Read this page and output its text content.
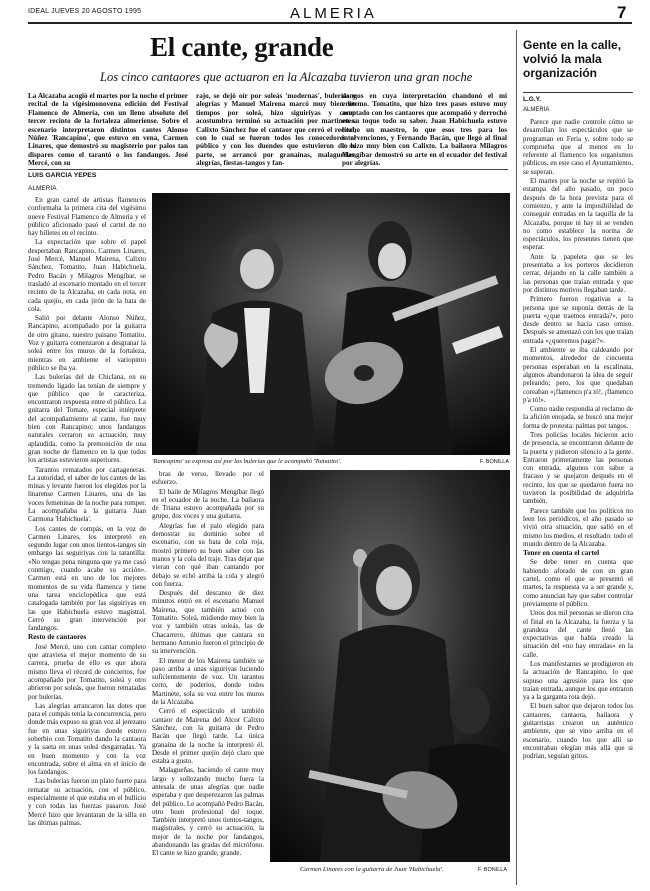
IDEAL JUEVES 20 AGOSTO 1995	ALMERIA	7
El cante, grande
Los cinco cantaores que actuaron en la Alcazaba tuvieron una gran noche
La Alcazaba acogió el martes por la noche el primer recital de la vigésimonovena edición del Festival Flamenco de Almería, con un lleno absoluto del tercer recinto de la fortaleza almeriense. Sobre el escenario interpretaron distintos cantes Alonso Núñez 'Rancapino', que estuvo en vena, Carmen Linares, que demostró su magisterio por palos tan dispares como el tarantó o los fandangos. José Mercé, con su
rajo, se dejó oír por soleás 'modernas', bulerías y alegrías y Manuel Mairena marcó muy bien los tiempos por soleá, hizo siguiriyas y como acostumbra terminó su actuación por martinetes. Calixto Sánchez fue el cantaor que cerró el recital, con lo cual se fueron todos los conocedores al público y con los duendes que estuvieron de su parte, se arrancó por granaínas, malagueñas, alegrías, fiestas-tangos y fan-
dangos en cuya interpretación chandonó el mi erótemo. Tomatito, que hizo tres pases estuvo muy aceptado con los cantaores que acompañó y derrochó en su toque todo su saber. Juan Habichuela estuvo hecho un maestro, lo que esos tres para los intervenciones, y Fernando Bacán, que llegó al final lo hizo muy bien con Calixto. La bailaora Milagros Mengíbar demostró su arte en el ecuador del festival por alegrías.
LUIS GARCIA YEPES
ALMERIA

En gran cartel de artistas flamencos conformaba la primera cita del vigésimo nueve Festival Flamenco de Almería y el público aficionado pasó el cartel de no hay billetes en el recinto.

La expectación que sobre el papel despertaban Rancapino, Carmen Linares, José Mercé, Manuel Mairena, Calixto Sánchez, Tomatito, Juan Habichuela, Pedro Bacán y Milagros Mengíbar, se trasladó al escenario montado en el tercer recinto de la Alcazaba, en cada nota, en cada quejío, en cada jirón de la bata de cola.

Salió por delante Alonso Núñez, Rancapino, acompañado por la guitarra de otro gitano, nuestro paisano Tomatito. Voz y guitarra comenzaron a desgranar la soleá entre los muros de la fortaleza, mientras en ambiente el variopinto público se iba ya.

Las bulerías del de Chiclana, en su tremendo ligado las tenían de siempre y que público que le caracteriza, encontraron respuesta entre el público. La guitarra del Tomate, especial intérprete del acompañamiento al cante, fue muy bien con Rancapino; unos fandangos naturales cerraron su actuación, muy aplaudida, como la premonición de una gran noche de flamenco en la que todos los artistas estuvieron superiores.

Tarantos rematados por cartageneras. La autoridad, el saber de los cantes de las minas y levante fueron los elegidos por la linarense Carmen Linares, una de las voces femeninas de la noche para romper. La acompañaba a la guitarra Juan Carmona 'Habichuela'.

Los cantes de compás, en la voz de Carmen Linares, los interpretó en segundo lugar con unos tientos-tangos sin embargo las seguiriyas con la tarantilla: «No tengas pena ninguna que ya me casó conmigo, cuando acabe su acción». Carmen está en uno de los mejores momentos de su vida flamenca y tiene una tarea enciclopédica que está catalogada también por las siguiriyas en las que Habichuela estuvo magistral. Cerró su gran intervención por fandangos.

Resto de cantaores

José Mercé, uno con cantar completo que atraviesa el mejor momento de su carrera, prueba de ello es que ahora mismo lleva el récord de conciertos, fue acompañado por Tomatito, soleá y otro abrieron por soleás, que fueron rematadas por bulerías.

Las alegrías arrancaron las dotes que para el compás tenía la concurrencia, pero donde más expuso su gran voz al jerezano fue en unas siguiriyas donde estuvo soberbio con Tomatito dando la cantaora y la saeta en unas soleá desgarradas. Ya en buen momento y con la voz encontrada, sobre el alma en el inicio de los fandangos.

Las bulerías fueron un plato fuerte para rematar su actuación, con el público, especialmente el que estaba en el bullicio y con todas las fuerzas pasaron. José Mercé hizo que levantaran de la silla en las últimas palmas.

'Rancapino' se expresa así por las bulerías que le acompañó 'Tomatito'.	F. BONILLA

bras de verso, llevado por el esfuerzo.

El baile de Milagros Mengíbar llegó en el ecuador de la noche. La bailaora de Triana estuvo acompañada por su grupo, dos voces y una guitarra.

Alegrías fue el palo elegido para demostrar su dominio sobre el escenario, con su bata de cola roja, mostró primero su buen saber con las manos y la cola del traje. Tras dejar que vieran con qué iban cantando por debajo se echó arriba la cola y alegró con fuerza.

Después del descanso de diez minutos entró en el escenario Manuel Mairena, que también actuó con Tomatito. Soleá, midiendo muy bien la voz y también otras soleás, las de Chacarrero, últimas que cantara su hermano Antonio fueron el principio de su intervención.

El menor de los Mairena también se paso arriba a unas siguiriyas luciendo suficientemente de voz. Un tarantos certo, de poderíos, donde todos Martinete, sola su voz entre los muros de la Alcazaba.

Cerró el espectáculo el también cantaor de Mairena del Alcor Calixto Sánchez, con la guitarra de Pedro Bacán que llegó tarde. La única granaína de la noche la interpretó él. Desde el primer quejío dejó claro que estaba a gusto.

Malagueñas, haciendo el cante muy largo y sollozando mucho fuera la antesala de unas alegrías que nadie esperaba y que desperezaron las palmas del público. Le acompañó Pedro Bacán, otro buen profesional del toque. También interpretó unos tientos-tangos, magistrales, y cerró su actuación, la mejor de la noche por fandangos, abandonando las gradas del micrófono. El cante se hizo grande, grande.

Carmen Linares con la guitarra de Juan 'Habichuela'.	F. BONILLA
Gente en la calle, volvió la mala organización
L.G.Y.
ALMERIA

Parece que nadie controle cómo se desarrollan los espectáculos que se programan en Feria y, sobre todo se comprueba que al menos en lo referente al flamenco los organismos públicos, en este caso el Ayuntamiento, se superan.

El martes por la noche se repitió la estampa del año pasado, un poco después de la hora prevista para el comienzo, y ante la imposibilidad de conseguir entradas en la taquilla de la Alcazaba, porque ni hay ni se venden no como establece la norma de espectáculos, los presentes tienen que esperar.

Ante la papeleta que se les presentaba a los porteros decidieron cerrar, dejando en la calle también a las personas que traían entrada y que por distintos motivos llegaban tarde.

Primero fueron rogativas a la persona que se suponía detrás de la puerta «¿que traemos entrada?», pero desde dentro se hacía caso omiso. Después se amenazó con los que traían entrada «¿queremos pagar?».

El ambiente se iba caldeando por momentos, alrededor de cincuenta personas esperaban en la escalinata, algunos abandonaron la idea de seguir peleando; pero, los que quedaban coreaban «¡flamenco p'a tó!, ¡flamenco p'a tó!».

Como nadie respondía al reclamo de la afición enojada, se buscó una mejor forma de protesta: palmas por tangos.

Tres policías locales hicieron acto de presencia, se encontraron delante de la puerta y pidieron silencio a la gente. Entraron primeramente las personas con entrada, algunos con sabor a fracaso y se quejaron después en el recinto, los que se quedaron fuera no tuvieron la posibilidad de adquirirla también.

Parece también que los políticos no leen los periódicos, el año pasado se vivió otra situación, que salió en el mismo los medios, el resultado: todo el mundo dentro de la Alcazaba.

Tener en cuenta el cartel

Se debe tener en cuenta que habiendo aforado de con un gran cartel, como el que se presentó el martes, la respuesta va a ser grande y, como anuncian hay que saber controlar previamente el público.

Unos dos mil personas se dieron cita el final en la Alcazaba, la fuerza y la grandeza del cante llenó las expectativas que había creado la situación del «no hay entradas» en la calle.

Los manifestantes se prodigieron en la actuación de Rancapino, lo que supuso una agresión para los que traían entrada, aunque los que entraron ya a la garganta rota dejó.

El buen sabor que dejaron todos los cantaores, cantaora, bailaora y guitarristas crearon un auténtico ambiente, que se vino arriba en el escenario, cuando los que allí se encontraban elegían más allá que si podrían, seguían gritos.
